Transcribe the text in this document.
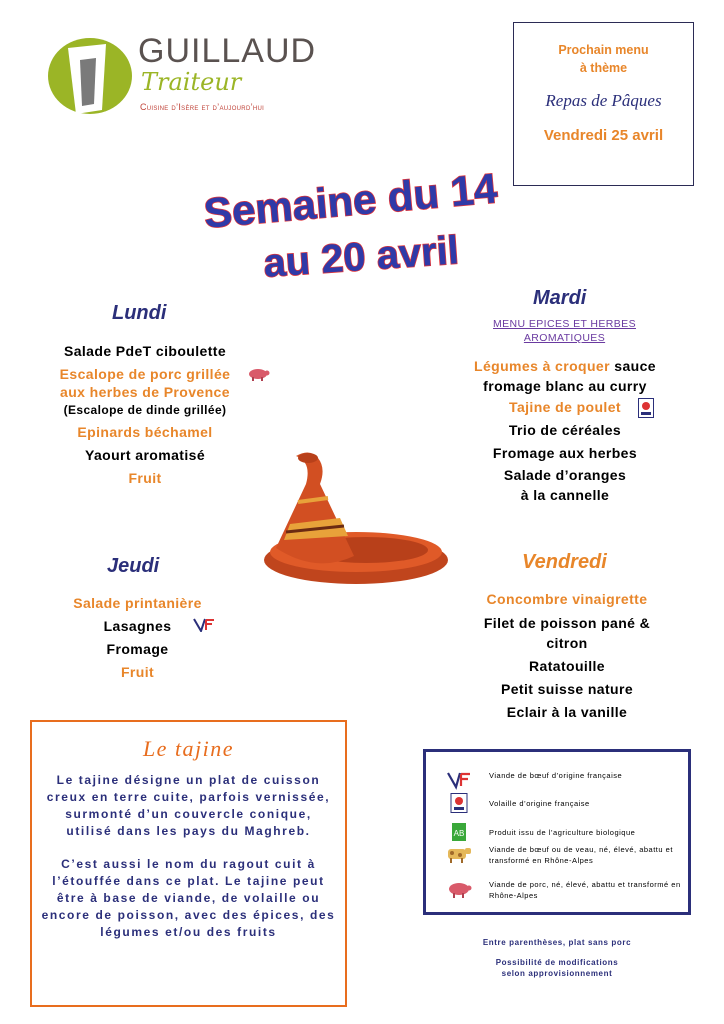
GUILLAUD
Traiteur
Cuisine d’Isère et d’aujourd’hui
Prochain menu
à thème
Repas de Pâques
Vendredi 25 avril
Semaine du 14
au 20 avril
Lundi
Salade PdeT ciboulette
Escalope de porc grillée
aux herbes de Provence
(Escalope de dinde grillée)
Epinards béchamel
Yaourt aromatisé
Fruit
Mardi
MENU EPICES ET HERBES AROMATIQUES
Légumes à croquer sauce
fromage blanc au curry
Tajine de poulet
Trio de céréales
Fromage aux herbes
Salade d’oranges
à la cannelle
Jeudi
Salade printanière
Lasagnes
Fromage
Fruit
Vendredi
Concombre vinaigrette
Filet de poisson pané &
citron
Ratatouille
Petit suisse nature
Eclair à la vanille
Le tajine
Le tajine désigne un plat de cuisson creux en terre cuite, parfois vernissée, surmonté d’un couvercle conique, utilisé dans les pays du Maghreb.
C’est aussi le nom du ragout cuit à l’étouffée dans ce plat. Le tajine peut être à base de viande, de volaille ou encore de poisson, avec des épices, des légumes et/ou des fruits
Viande de bœuf d’origine française
Volaille d’origine française
AB	Produit issu de l’agriculture biologique
Viande de bœuf ou de veau, né, élevé, abattu et transformé en Rhône-Alpes
Viande de porc, né, élevé, abattu et transformé en Rhône-Alpes
Entre parenthèses, plat sans porc
Possibilité de modifications
selon approvisionnement
